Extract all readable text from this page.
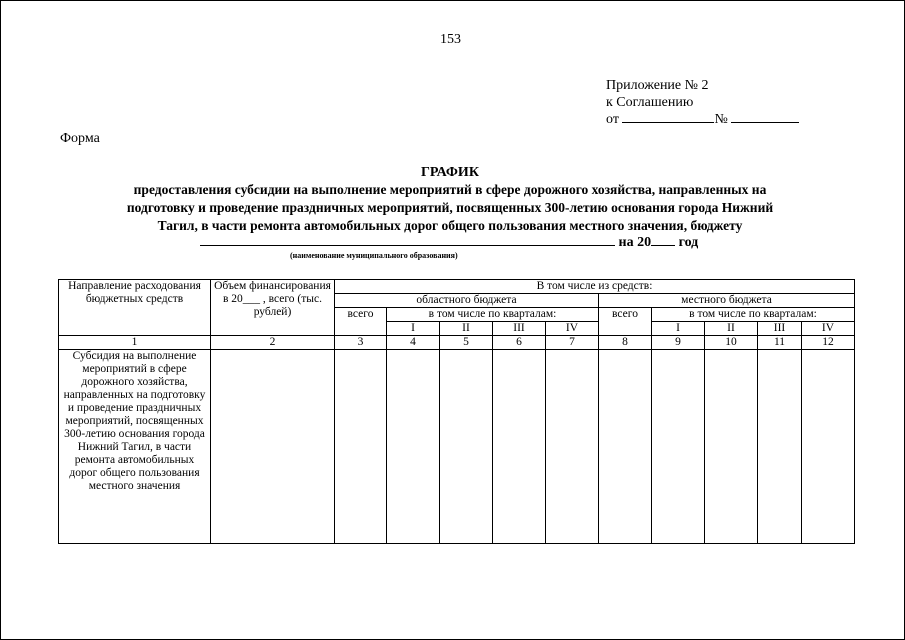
153
Приложение № 2
к Соглашению
от	№
Форма
ГРАФИК
предоставления субсидии на выполнение мероприятий в сфере дорожного хозяйства, направленных на подготовку и проведение праздничных мероприятий, посвященных 300-летию основания города Нижний Тагил, в части ремонта автомобильных дорог общего пользования местного значения, бюджету
на 20 год
(наименование муниципального образования)
Направление расходования бюджетных средств	Объем финансирования в 20___ , всего (тыс. рублей)	В том числе из средств:									
		областного бюджета					местного бюджета				
		всего	в том числе по кварталам:				всего	в том числе по кварталам:			
			I	II	III	IV		I	II	III	IV
1	2	3	4	5	6	7	8	9	10	11	12
Субсидия на выполнение мероприятий в сфере дорожного хозяйства, направленных на подготовку и проведение праздничных мероприятий, посвященных 300-летию основания города Нижний Тагил, в части ремонта автомобильных дорог общего пользования местного значения											
